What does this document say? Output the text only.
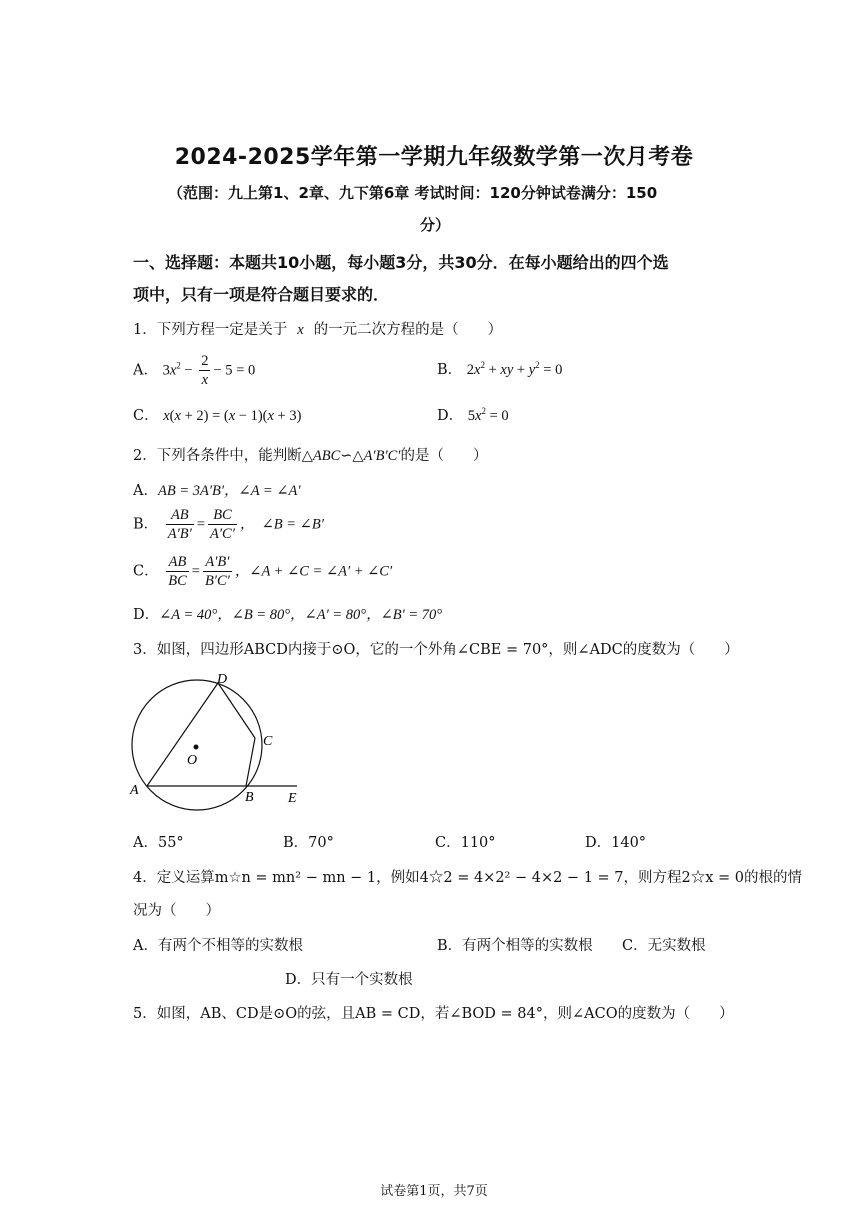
2024-2025学年第一学期九年级数学第一次月考卷
（范围：九上第1、2章、九下第6章 考试时间：120分钟试卷满分：150
分）
一、选择题：本题共10小题，每小题3分，共30分．在每小题给出的四个选
项中，只有一项是符合题目要求的．
1．下列方程一定是关于 x 的一元二次方程的是（　　）
A． $3x^2 - \frac{2}{x} - 5 = 0$	B． $2x^2$ + xy + $y^2 = 0$
C． x(x + 2) = (x − 1)(x + 3)	D． $5x^2 = 0$
2．下列各条件中，能判断△ABC∽△A′B′C′的是（　　）
A．AB = 3A′B′，∠A = ∠A′
B． $\frac{AB}{A'B'} = \frac{BC}{A'C'}$ ，　∠B = ∠B′
C． $\frac{AB}{BC} = \frac{A'B'}{B'C'}$ ，∠A + ∠C = ∠A′ + ∠C′
D．∠A = 40°，∠B = 80°，∠A′ = 80°，∠B′ = 70°
3．如图，四边形ABCD内接于⊙O，它的一个外角∠CBE = 70°，则∠ADC的度数为（　　）
D
C
O
A	B E
A．55°	B．70°	C．110°	D．140°
4．定义运算m☆n = mn² − mn − 1，例如4☆2 = 4×2² − 4×2 − 1 = 7，则方程2☆x = 0的根的情
况为（　　）
A．有两个不相等的实数根	B．有两个相等的实数根 C．无实数根
D．只有一个实数根
5．如图，AB、CD是⊙O的弦，且AB = CD，若∠BOD = 84°，则∠ACO的度数为（　　）
试卷第1页，共7页
